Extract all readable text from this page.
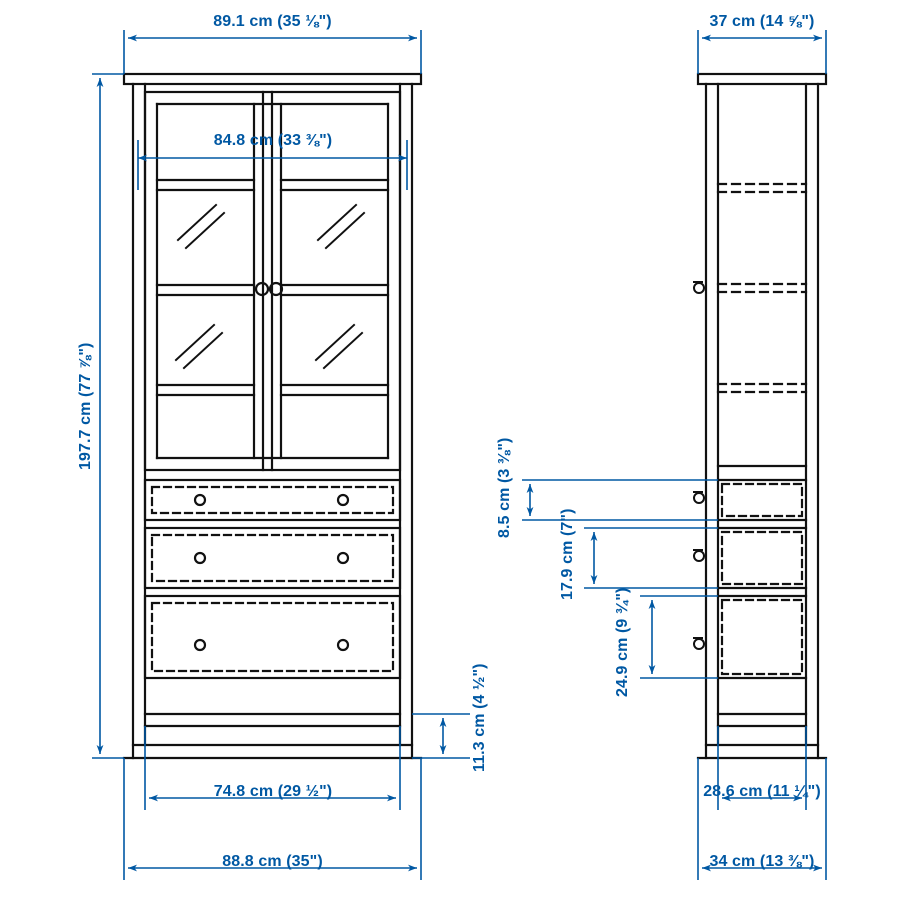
89.1 cm (35 ⅛")
84.8 cm (33 ⅜")
197.7 cm (77 ⅞")
74.8 cm (29 ½")
88.8 cm (35")
11.3 cm (4 ½")
37 cm (14 ⅝")
28.6 cm (11 ¼")
34 cm (13 ⅜")
8.5 cm (3 ⅜")
17.9 cm (7")
24.9 cm (9 ¾")
